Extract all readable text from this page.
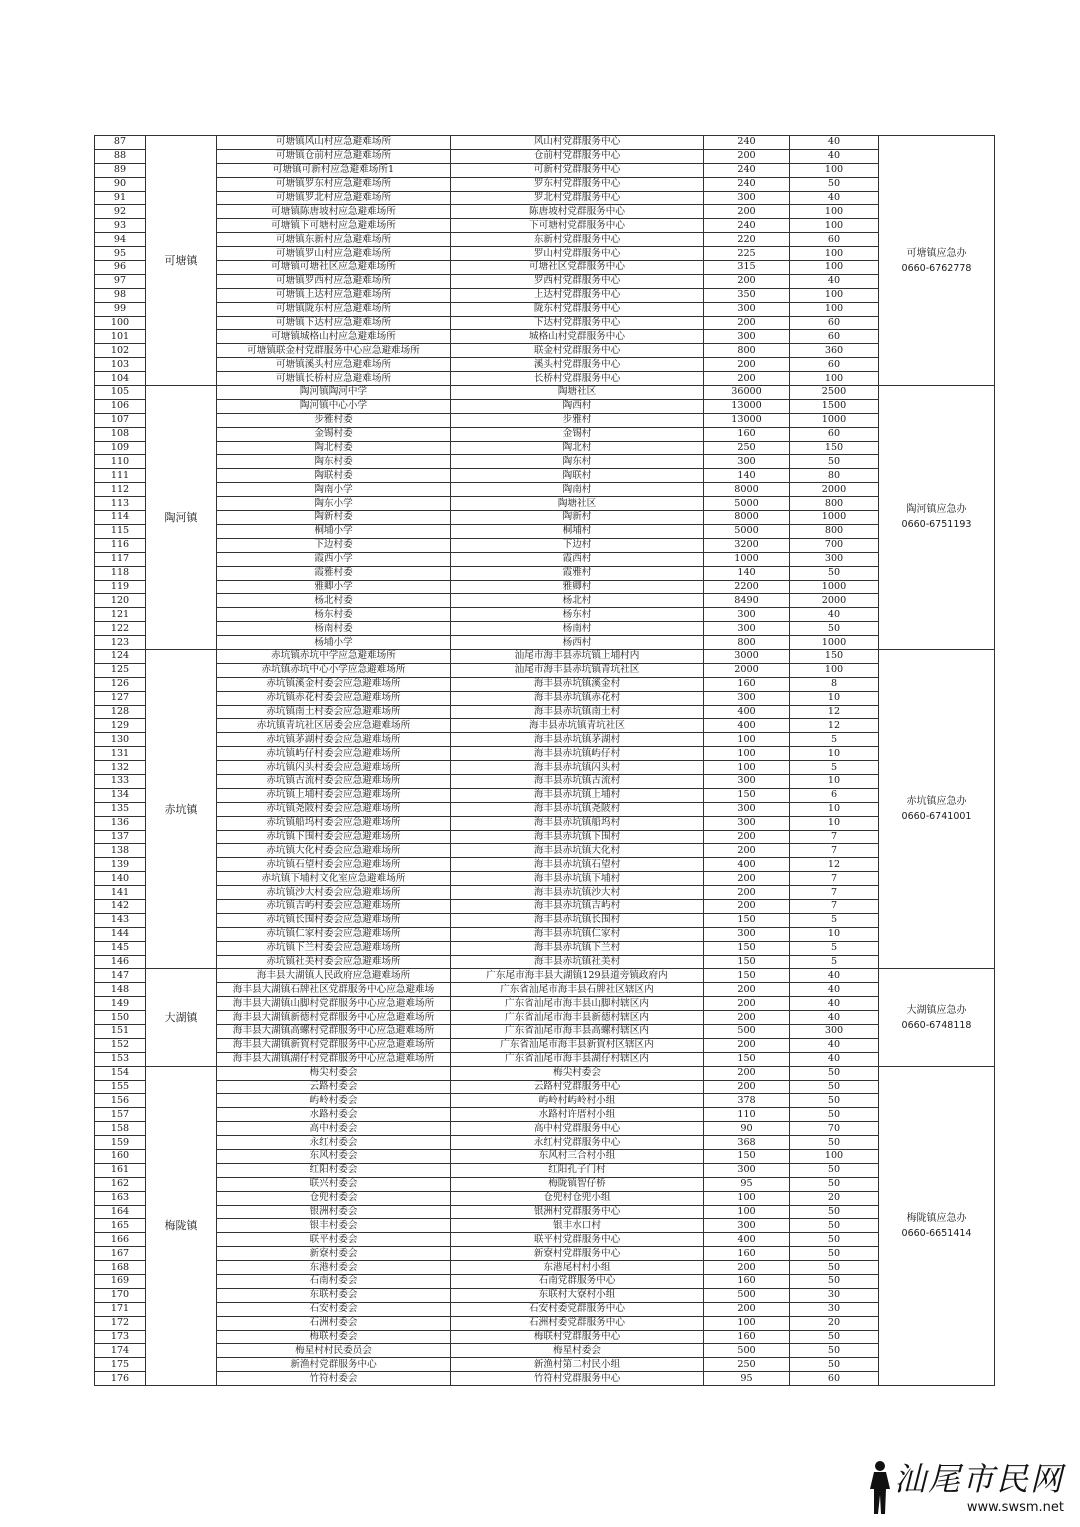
87	可塘镇	可塘镇风山村应急避难场所	风山村党群服务中心	240	40	可塘镇应急办
0660-6762778

88		可塘镇仓前村应急避难场所	仓前村党群服务中心	200	40	
89		可塘镇可新村应急避难场所1	可新村党群服务中心	240	100	
90		可塘镇罗东村应急避难场所	罗东村党群服务中心	240	50	
91		可塘镇罗北村应急避难场所	罗北村党群服务中心	300	40	
92		可塘镇陈唐坡村应急避难场所	陈唐坡村党群服务中心	200	100	
93		可塘镇下可塘村应急避难场所	下可塘村党群服务中心	240	100	
94		可塘镇东新村应急避难场所	东新村党群服务中心	220	60	
95		可塘镇罗山村应急避难场所	罗山村党群服务中心	225	100	
96		可塘镇可塘社区应急避难场所	可塘社区党群服务中心	315	100	
97		可塘镇罗西村应急避难场所	罗西村党群服务中心	200	40	
98		可塘镇上达村应急避难场所	上达村党群服务中心	350	100	
99		可塘镇陇东村应急避难场所	陇东村党群服务中心	300	100	
100		可塘镇下达村应急避难场所	下达村党群服务中心	200	60	
101		可塘镇城格山村应急避难场所	城格山村党群服务中心	300	60	
102		可塘镇联金村党群服务中心应急避难场所	联金村党群服务中心	800	360	
103		可塘镇溪头村应急避难场所	溪头村党群服务中心	200	60	
104		可塘镇长桥村应急避难场所	长桥村党群服务中心	200	100	
105	陶河镇	陶河镇陶河中学	陶塘社区	36000	2500	陶河镇应急办
0660-6751193

106		陶河镇中心小学	陶西村	13000	1500	
107		步雅村委	步雅村	13000	1000	
108		金锡村委	金锡村	160	60	
109		陶北村委	陶北村	250	150	
110		陶东村委	陶东村	300	50	
111		陶联村委	陶联村	140	80	
112		陶南小学	陶南村	8000	2000	
113		陶东小学	陶塘社区	5000	800	
114		陶新村委	陶新村	8000	1000	
115		桐埔小学	桐埔村	5000	800	
116		下边村委	下边村	3200	700	
117		霞西小学	霞西村	1000	300	
118		霞雅村委	霞雅村	140	50	
119		雅卿小学	雅卿村	2200	1000	
120		杨北村委	杨北村	8490	2000	
121		杨东村委	杨东村	300	40	
122		杨南村委	杨南村	300	50	
123		杨埔小学	杨西村	800	1000	
124	赤坑镇	赤坑镇赤坑中学应急避难场所	汕尾市海丰县赤坑镇上埔村内	3000	150	赤坑镇应急办
0660-6741001

125		赤坑镇赤坑中心小学应急避难场所	汕尾市海丰县赤坑镇青坑社区	2000	100	
126		赤坑镇溪金村委会应急避难场所	海丰县赤坑镇溪金村	160	8	
127		赤坑镇赤花村委会应急避难场所	海丰县赤坑镇赤花村	300	10	
128		赤坑镇南土村委会应急避难场所	海丰县赤坑镇南土村	400	12	
129		赤坑镇青坑社区居委会应急避难场所	海丰县赤坑镇青坑社区	400	12	
130		赤坑镇茅湖村委会应急避难场所	海丰县赤坑镇茅湖村	100	5	
131		赤坑镇屿仔村委会应急避难场所	海丰县赤坑镇屿仔村	100	10	
132		赤坑镇闪头村委会应急避难场所	海丰县赤坑镇闪头村	100	5	
133		赤坑镇古流村委会应急避难场所	海丰县赤坑镇古流村	300	10	
134		赤坑镇上埔村委会应急避难场所	海丰县赤坑镇上埔村	150	6	
135		赤坑镇尧陂村委会应急避难场所	海丰县赤坑镇尧陂村	300	10	
136		赤坑镇船坞村委会应急避难场所	海丰县赤坑镇船坞村	300	10	
137		赤坑镇下围村委会应急避难场所	海丰县赤坑镇下围村	200	7	
138		赤坑镇大化村委会应急避难场所	海丰县赤坑镇大化村	200	7	
139		赤坑镇石望村委会应急避难场所	海丰县赤坑镇石望村	400	12	
140		赤坑镇下埔村文化室应急避难场所	海丰县赤坑镇下埔村	200	7	
141		赤坑镇沙大村委会应急避难场所	海丰县赤坑镇沙大村	200	7	
142		赤坑镇吉屿村委会应急避难场所	海丰县赤坑镇吉屿村	200	7	
143		赤坑镇长围村委会应急避难场所	海丰县赤坑镇长围村	150	5	
144		赤坑镇仁家村委会应急避难场所	海丰县赤坑镇仁家村	300	10	
145		赤坑镇下兰村委会应急避难场所	海丰县赤坑镇下兰村	150	5	
146		赤坑镇社美村委会应急避难场所	海丰县赤坑镇社美村	150	5	
147	大湖镇	海丰县大湖镇人民政府应急避难场所	广东尾市海丰县大湖镇129县道旁镇政府内	150	40	大湖镇应急办
0660-6748118

148		海丰县大湖镇石牌社区党群服务中心应急避难场	广东省汕尾市海丰县石牌社区辖区内	200	40	
149		海丰县大湖镇山脚村党群服务中心应急避难场所	广东省汕尾市海丰县山脚村辖区内	200	40	
150		海丰县大湖镇新德村党群服务中心应急避难场所	广东省汕尾市海丰县新德村辖区内	200	40	
151		海丰县大湖镇高螺村党群服务中心应急避难场所	广东省汕尾市海丰县高螺村辖区内	500	300	
152		海丰县大湖镇新賀村党群服务中心应急避难场所	广东省汕尾市海丰县新賀村区辖区内	200	40	
153		海丰县大湖镇湖仔村党群服务中心应急避难场所	广东省汕尾市海丰县湖仔村辖区内	150	40	
154	梅陇镇	梅尖村委会	梅尖村委会	200	50	梅陇镇应急办
0660-6651414

155		云路村委会	云路村党群服务中心	200	50	
156		屿岭村委会	屿岭村屿岭村小组	378	50	
157		水路村委会	水路村许厝村小组	110	50	
158		高中村委会	高中村党群服务中心	90	70	
159		永红村委会	永红村党群服务中心	368	50	
160		东风村委会	东风村三合村小组	150	100	
161		红阳村委会	红阳孔子门村	300	50	
162		联兴村委会	梅陇镇智仔桥	95	50	
163		仓兜村委会	仓兜村仓兜小组	100	20	
164		银洲村委会	银洲村党群服务中心	100	50	
165		银丰村委会	银丰水口村	300	50	
166		联平村委会	联平村党群服务中心	400	50	
167		新寮村委会	新寮村党群服务中心	160	50	
168		东港村委会	东港尾村村小组	200	50	
169		石南村委会	石南党群服务中心	160	50	
170		东联村委会	东联村大寮村小组	500	30	
171		石安村委会	石安村委党群服务中心	200	30	
172		石洲村委会	石洲村委党群服务中心	100	20	
173		梅联村委会	梅联村党群服务中心	160	50	
174		梅星村村民委员会	梅星村委会	500	50	
175		新渔村党群服务中心	新渔村第二村民小组	250	50	
176		竹符村委会	竹符村党群服务中心	95	60	
汕尾市民网
www.swsm.net
